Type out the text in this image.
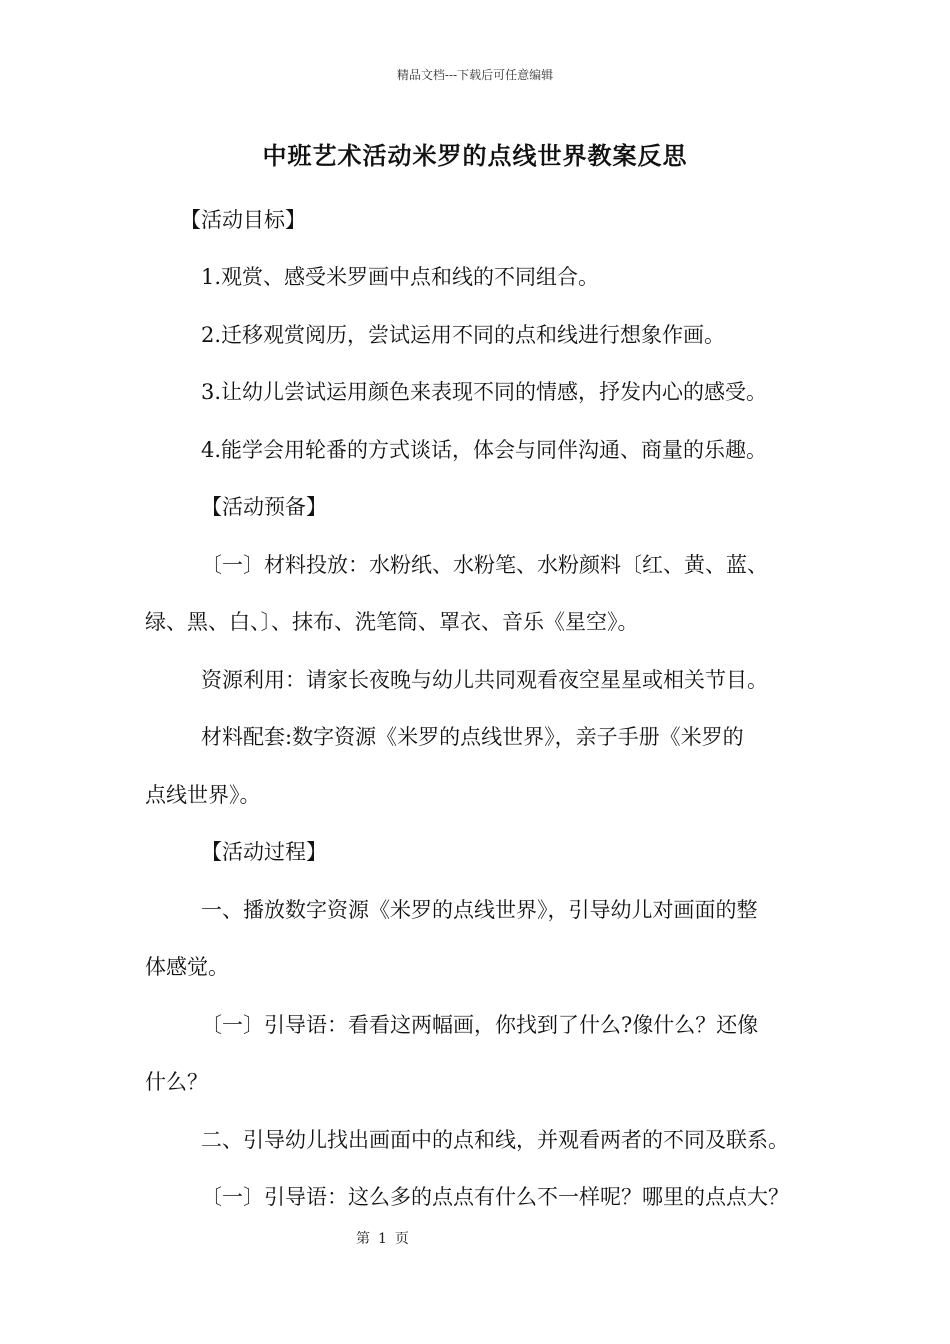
精品文档---下载后可任意编辑
中班艺术活动米罗的点线世界教案反思
【活动目标】
1.观赏、感受米罗画中点和线的不同组合。
2.迁移观赏阅历，尝试运用不同的点和线进行想象作画。
3.让幼儿尝试运用颜色来表现不同的情感，抒发内心的感受。
4.能学会用轮番的方式谈话，体会与同伴沟通、商量的乐趣。
【活动预备】
〔一〕材料投放：水粉纸、水粉笔、水粉颜料〔红、黄、蓝、
绿、黑、白、〕、抹布、洗笔筒、罩衣、音乐《星空》。
资源利用：请家长夜晚与幼儿共同观看夜空星星或相关节目。
材料配套:数字资源《米罗的点线世界》，亲子手册《米罗的
点线世界》。
【活动过程】
一、播放数字资源《米罗的点线世界》，引导幼儿对画面的整
体感觉。
〔一〕引导语：看看这两幅画，你找到了什么?像什么？还像
什么？
二、引导幼儿找出画面中的点和线，并观看两者的不同及联系。
〔一〕引导语：这么多的点点有什么不一样呢？哪里的点点大？
第 1 页
